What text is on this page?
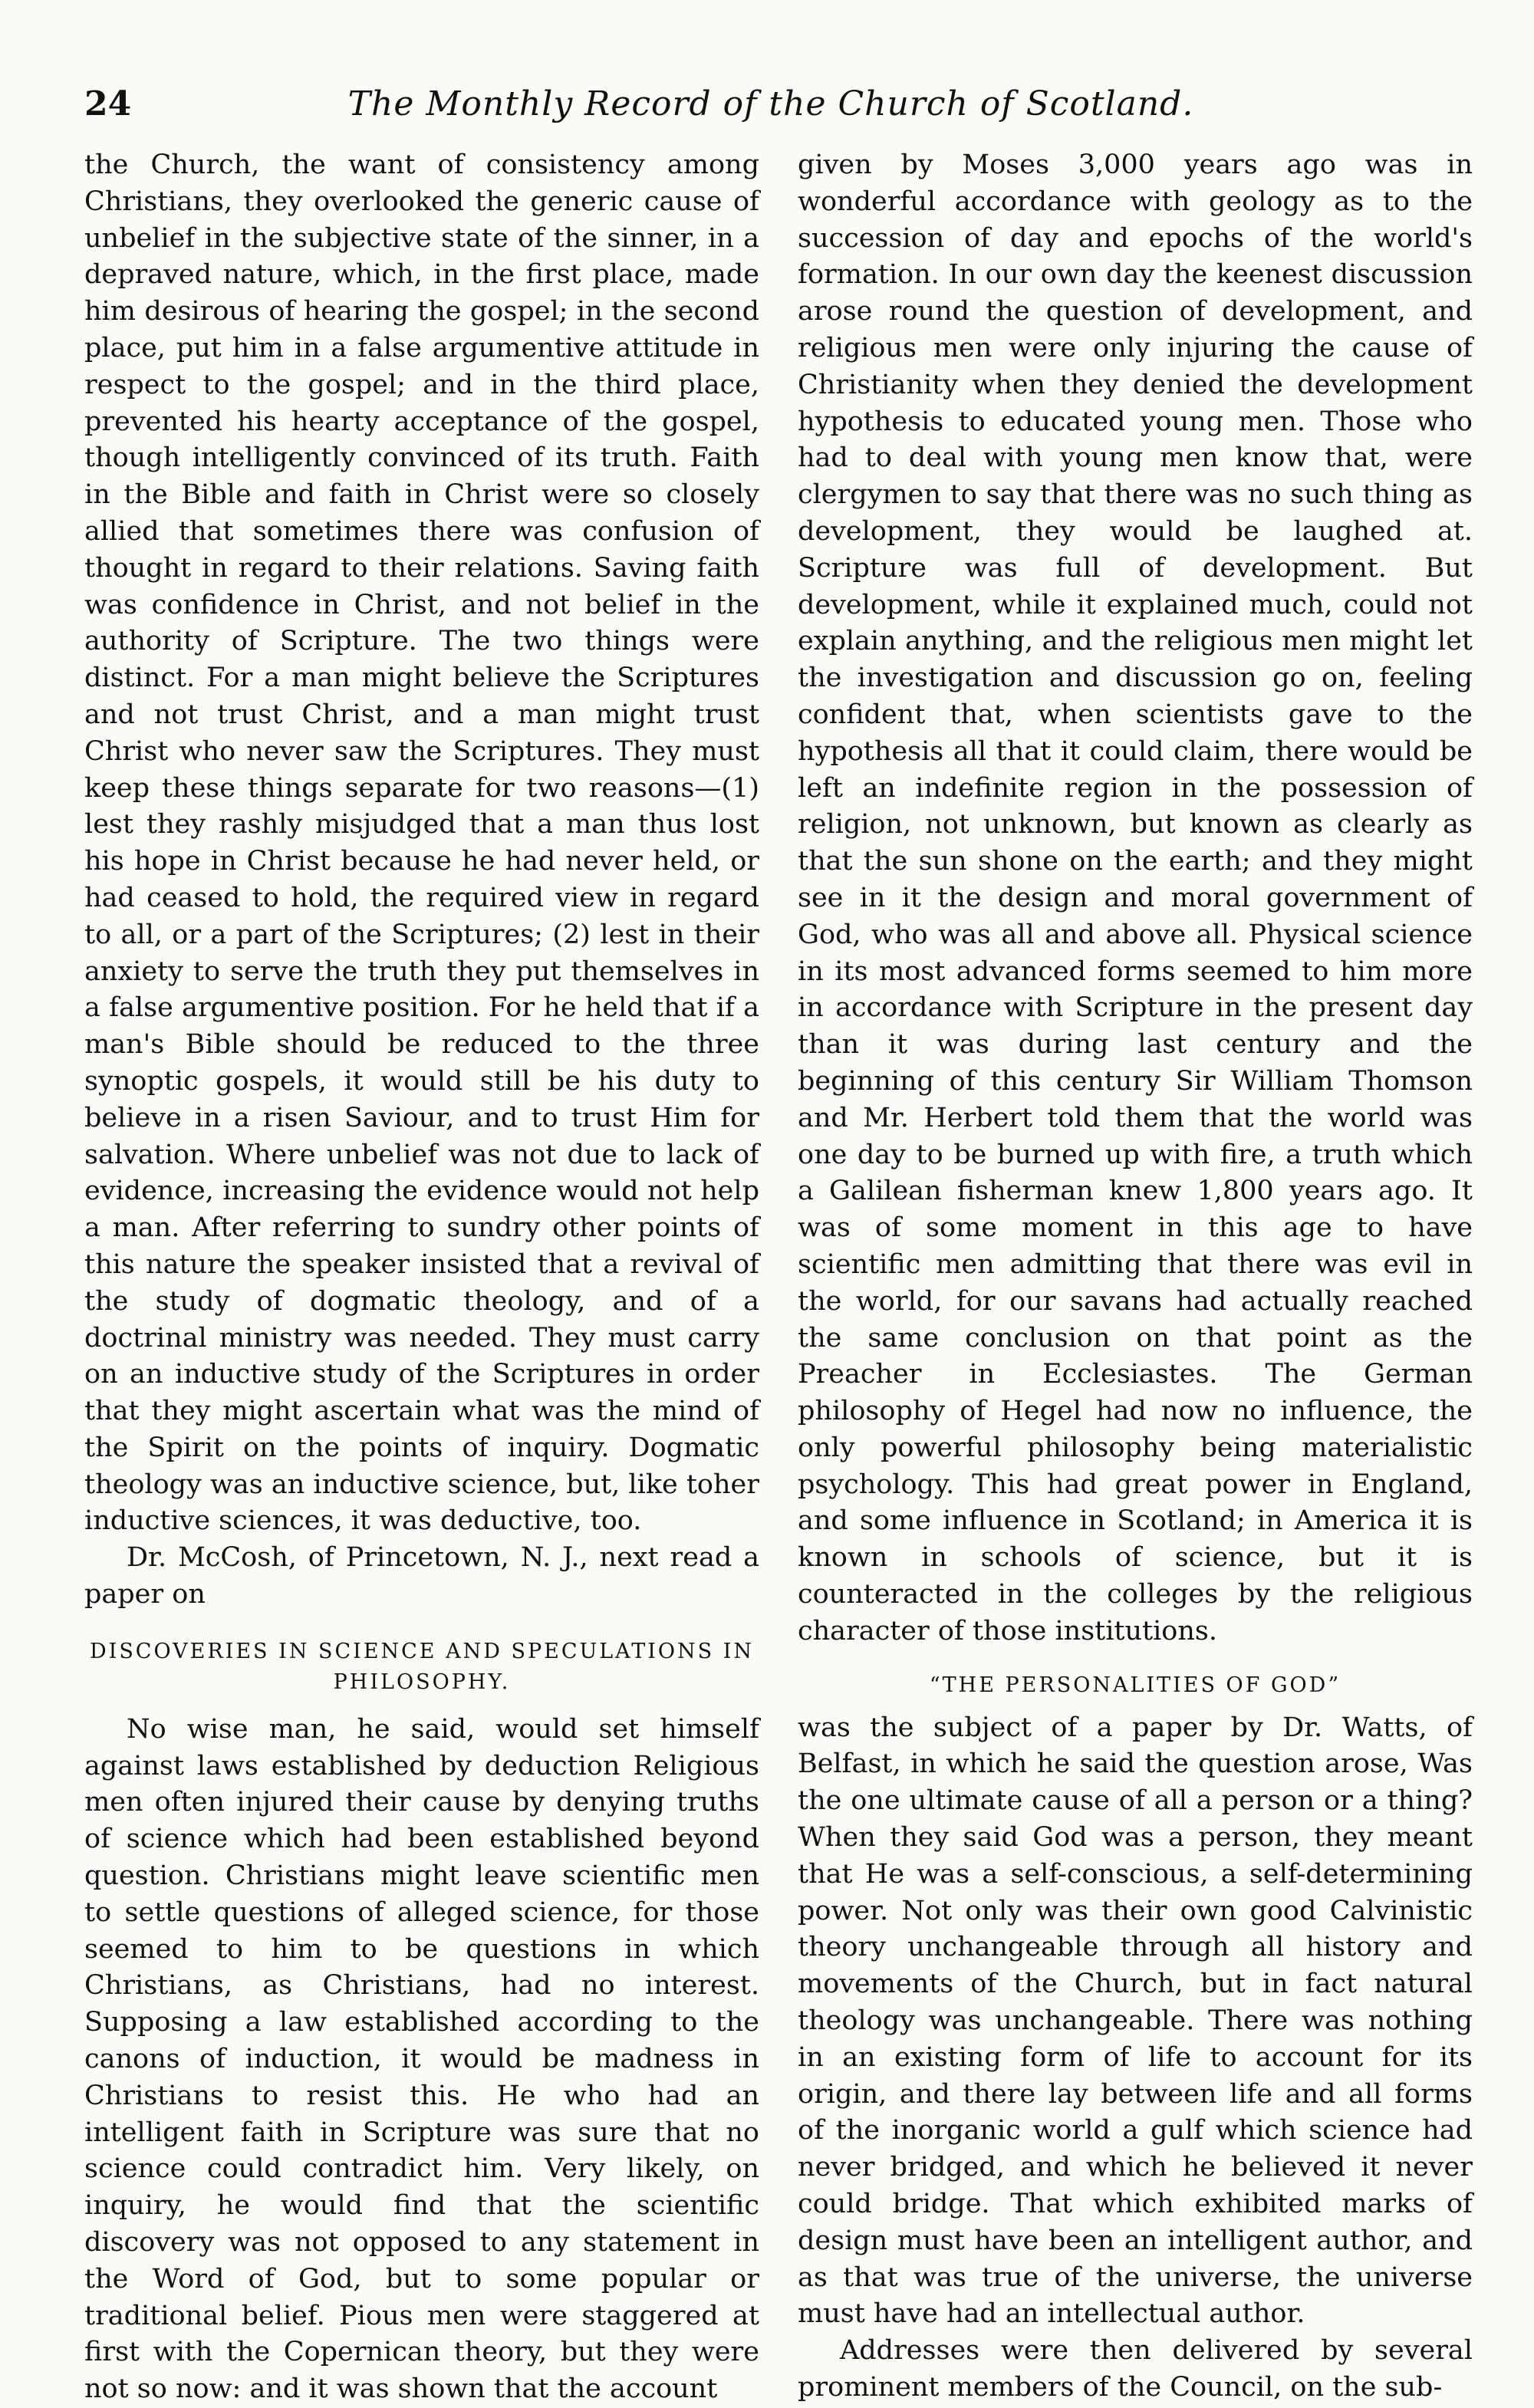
24	The Monthly Record of the Church of Scotland.

the Church, the want of consistency among Christians, they overlooked the generic cause of unbelief in the subjective state of the sinner, in a depraved nature, which, in the first place, made him desirous of hearing the gospel; in the second place, put him in a false argumentive attitude in respect to the gospel; and in the third place, prevented his hearty acceptance of the gospel, though intelligently convinced of its truth. Faith in the Bible and faith in Christ were so closely allied that sometimes there was confusion of thought in regard to their relations. Saving faith was confidence in Christ, and not belief in the authority of Scripture. The two things were distinct. For a man might believe the Scriptures and not trust Christ, and a man might trust Christ who never saw the Scriptures. They must keep these things separate for two reasons—(1) lest they rashly misjudged that a man thus lost his hope in Christ because he had never held, or had ceased to hold, the required view in regard to all, or a part of the Scriptures; (2) lest in their anxiety to serve the truth they put themselves in a false argumentive position. For he held that if a man's Bible should be reduced to the three synoptic gospels, it would still be his duty to believe in a risen Saviour, and to trust Him for salvation. Where unbelief was not due to lack of evidence, increasing the evidence would not help a man. After referring to sundry other points of this nature the speaker insisted that a revival of the study of dogmatic theology, and of a doctrinal ministry was needed. They must carry on an inductive study of the Scriptures in order that they might ascertain what was the mind of the Spirit on the points of inquiry. Dogmatic theology was an inductive science, but, like toher inductive sciences, it was deductive, too.

Dr. McCosh, of Princetown, N. J., next read a paper on

DISCOVERIES IN SCIENCE AND SPECULATIONS IN PHILOSOPHY.

No wise man, he said, would set himself against laws established by deduction Religious men often injured their cause by denying truths of science which had been established beyond question. Christians might leave scientific men to settle questions of alleged science, for those seemed to him to be questions in which Christians, as Christians, had no interest. Supposing a law established according to the canons of induction, it would be madness in Christians to resist this. He who had an intelligent faith in Scripture was sure that no science could contradict him. Very likely, on inquiry, he would find that the scientific discovery was not opposed to any statement in the Word of God, but to some popular or traditional belief. Pious men were staggered at first with the Copernican theory, but they were not so now: and it was shown that the account

given by Moses 3,000 years ago was in wonderful accordance with geology as to the succession of day and epochs of the world's formation. In our own day the keenest discussion arose round the question of development, and religious men were only injuring the cause of Christianity when they denied the development hypothesis to educated young men. Those who had to deal with young men know that, were clergymen to say that there was no such thing as development, they would be laughed at. Scripture was full of development. But development, while it explained much, could not explain anything, and the religious men might let the investigation and discussion go on, feeling confident that, when scientists gave to the hypothesis all that it could claim, there would be left an indefinite region in the possession of religion, not unknown, but known as clearly as that the sun shone on the earth; and they might see in it the design and moral government of God, who was all and above all. Physical science in its most advanced forms seemed to him more in accordance with Scripture in the present day than it was during last century and the beginning of this century Sir William Thomson and Mr. Herbert told them that the world was one day to be burned up with fire, a truth which a Galilean fisherman knew 1,800 years ago. It was of some moment in this age to have scientific men admitting that there was evil in the world, for our savans had actually reached the same conclusion on that point as the Preacher in Ecclesiastes. The German philosophy of Hegel had now no influence, the only powerful philosophy being materialistic psychology. This had great power in England, and some influence in Scotland; in America it is known in schools of science, but it is counteracted in the colleges by the religious character of those institutions.

“THE PERSONALITIES OF GOD”

was the subject of a paper by Dr. Watts, of Belfast, in which he said the question arose, Was the one ultimate cause of all a person or a thing? When they said God was a person, they meant that He was a self-conscious, a self-determining power. Not only was their own good Calvinistic theory unchangeable through all history and movements of the Church, but in fact natural theology was unchangeable. There was nothing in an existing form of life to account for its origin, and there lay between life and all forms of the inorganic world a gulf which science had never bridged, and which he believed it never could bridge. That which exhibited marks of design must have been an intelligent author, and as that was true of the universe, the universe must have had an intellectual author.

Addresses were then delivered by several prominent members of the Council, on the sub-
